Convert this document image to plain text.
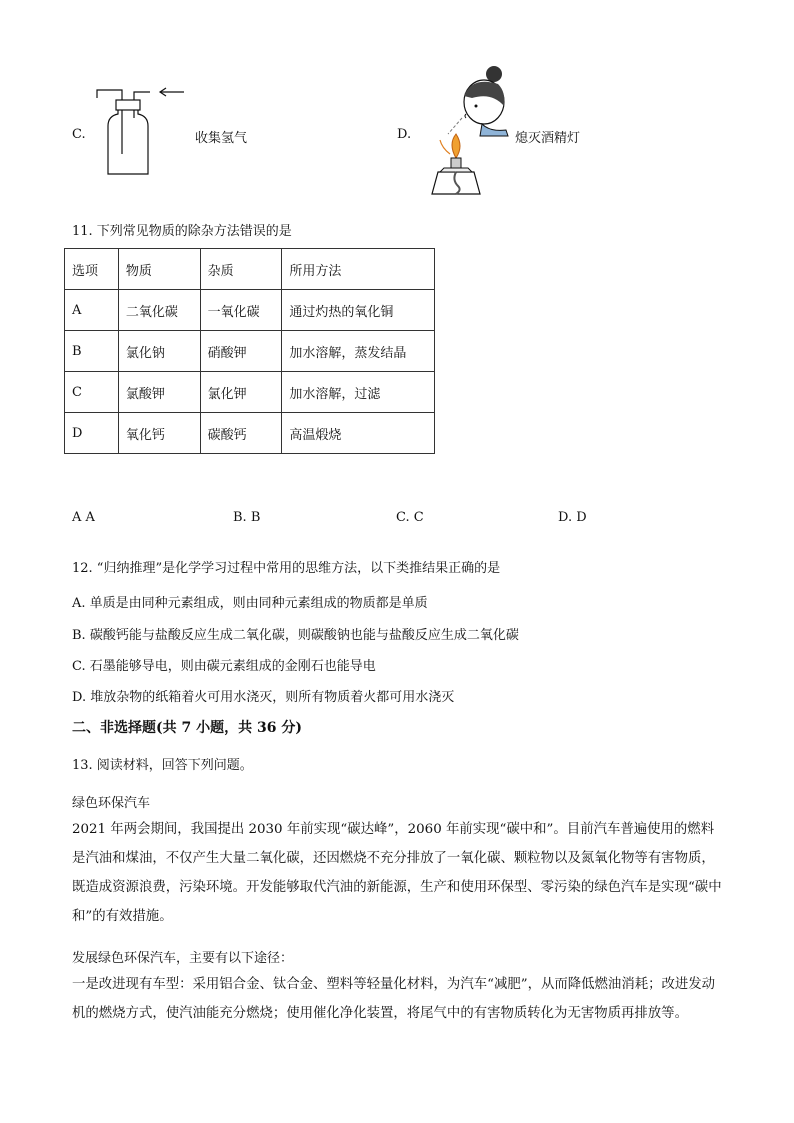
C.	收集氢气	D.	熄灭酒精灯
11. 下列常见物质的除杂方法错误的是
选项	物质	杂质	所用方法
A	二氧化碳	一氧化碳	通过灼热的氧化铜
B	氯化钠	硝酸钾	加水溶解，蒸发结晶
C	氯酸钾	氯化钾	加水溶解，过滤
D	氧化钙	碳酸钙	高温煅烧
A A	B. B	C. C	D. D
12. “归纳推理”是化学学习过程中常用的思维方法，以下类推结果正确的是
A. 单质是由同种元素组成，则由同种元素组成的物质都是单质
B. 碳酸钙能与盐酸反应生成二氧化碳，则碳酸钠也能与盐酸反应生成二氧化碳
C. 石墨能够导电，则由碳元素组成的金刚石也能导电
D. 堆放杂物的纸箱着火可用水浇灭，则所有物质着火都可用水浇灭
二、非选择题(共 7 小题，共 36 分)
13. 阅读材料，回答下列问题。
绿色环保汽车
2021 年两会期间，我国提出 2030 年前实现“碳达峰”，2060 年前实现“碳中和”。目前汽车普遍使用的燃料是汽油和煤油，不仅产生大量二氧化碳，还因燃烧不充分排放了一氧化碳、颗粒物以及氮氧化物等有害物质，既造成资源浪费，污染环境。开发能够取代汽油的新能源，生产和使用环保型、零污染的绿色汽车是实现“碳中和”的有效措施。
发展绿色环保汽车，主要有以下途径：
一是改进现有车型：采用铝合金、钛合金、塑料等轻量化材料，为汽车“减肥”，从而降低燃油消耗；改进发动机的燃烧方式，使汽油能充分燃烧；使用催化净化装置，将尾气中的有害物质转化为无害物质再排放等。
